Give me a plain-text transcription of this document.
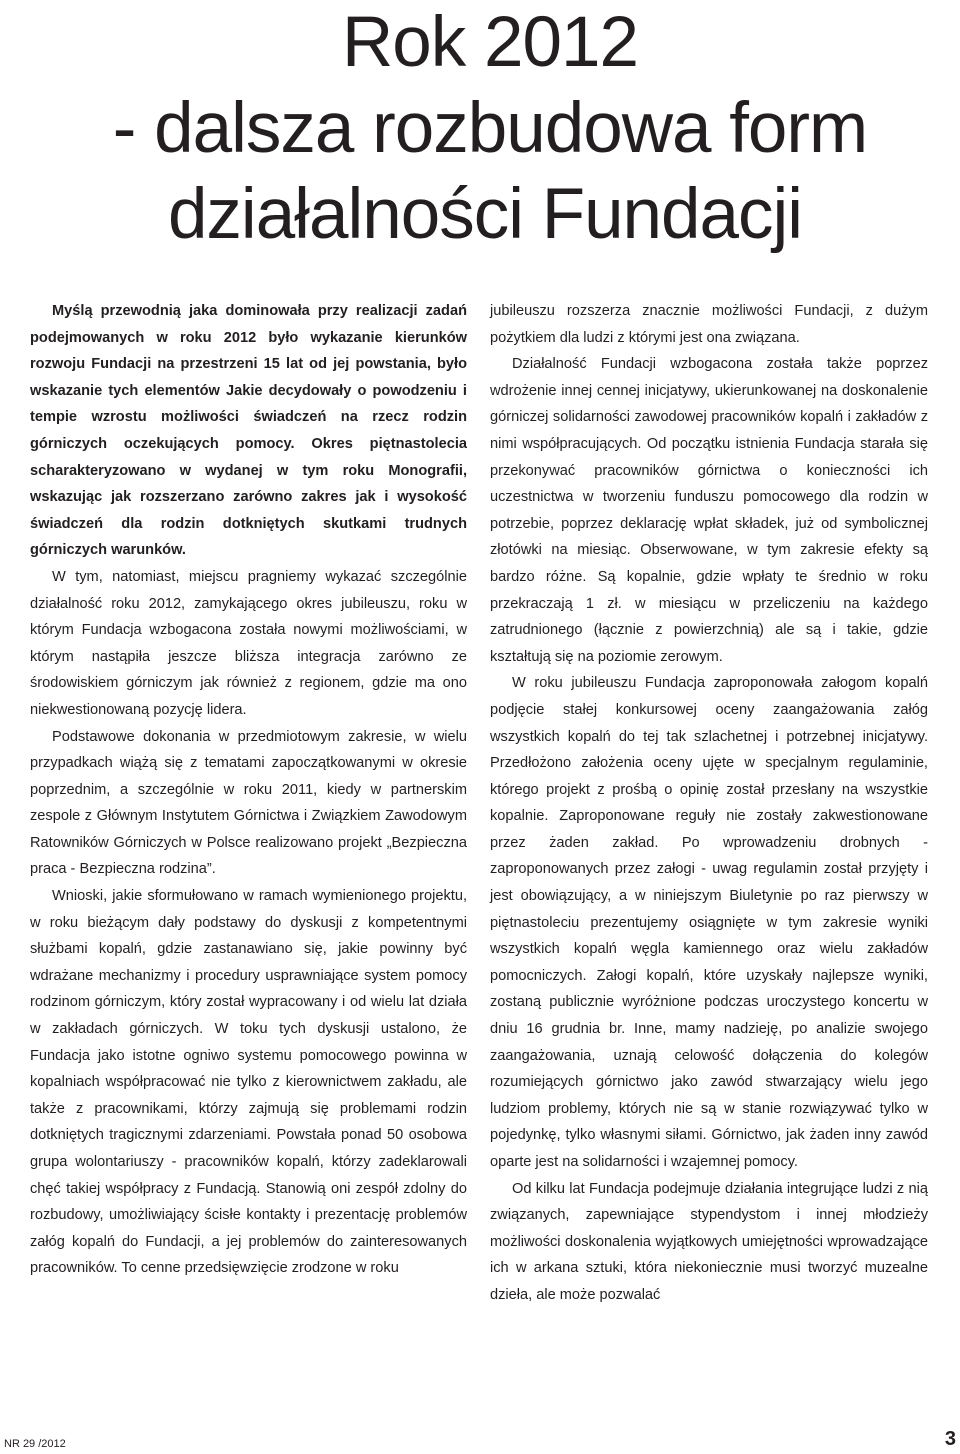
Rok 2012
- dalsza rozbudowa form
działalności Fundacji

Myślą przewodnią jaka dominowała przy realizacji zadań podejmowanych w roku 2012 było wykazanie kierunków rozwoju Fundacji na przestrzeni 15 lat od jej powstania, było wskazanie tych elementów Jakie decydowały o powodzeniu i tempie wzrostu możliwości świadczeń na rzecz rodzin górniczych oczekujących pomocy. Okres piętnastolecia scharakteryzowano w wydanej w tym roku Monografii, wskazując jak rozszerzano zarówno zakres jak i wysokość świadczeń dla rodzin dotkniętych skutkami trudnych górniczych warunków.

W tym, natomiast, miejscu pragniemy wykazać szczególnie działalność roku 2012, zamykającego okres jubileuszu, roku w którym Fundacja wzbogacona została nowymi możliwościami, w którym nastąpiła jeszcze bliższa integracja zarówno ze środowiskiem górniczym jak również z regionem, gdzie ma ono niekwestionowaną pozycję lidera.

Podstawowe dokonania w przedmiotowym zakresie, w wielu przypadkach wiążą się z tematami zapoczątkowanymi w okresie poprzednim, a szczególnie w roku 2011, kiedy w partnerskim zespole z Głównym Instytutem Górnictwa i Związkiem Zawodowym Ratowników Górniczych w Polsce realizowano projekt „Bezpieczna praca - Bezpieczna rodzina”.

Wnioski, jakie sformułowano w ramach wymienionego projektu, w roku bieżącym dały podstawy do dyskusji z kompetentnymi służbami kopalń, gdzie zastanawiano się, jakie powinny być wdrażane mechanizmy i procedury usprawniające system pomocy rodzinom górniczym, który został wypracowany i od wielu lat działa w zakładach górniczych. W toku tych dyskusji ustalono, że Fundacja jako istotne ogniwo systemu pomocowego powinna w kopalniach współpracować nie tylko z kierownictwem zakładu, ale także z pracownikami, którzy zajmują się problemami rodzin dotkniętych tragicznymi zdarzeniami. Powstała ponad 50 osobowa grupa wolontariuszy - pracowników kopalń, którzy zadeklarowali chęć takiej współpracy z Fundacją. Stanowią oni zespół zdolny do rozbudowy, umożliwiający ścisłe kontakty i prezentację problemów załóg kopalń do Fundacji, a jej problemów do zainteresowanych pracowników. To cenne przedsięwzięcie zrodzone w roku

jubileuszu rozszerza znacznie możliwości Fundacji, z dużym pożytkiem dla ludzi z którymi jest ona związana.

Działalność Fundacji wzbogacona została także poprzez wdrożenie innej cennej inicjatywy, ukierunkowanej na doskonalenie górniczej solidarności zawodowej pracowników kopalń i zakładów z nimi współpracujących. Od początku istnienia Fundacja starała się przekonywać pracowników górnictwa o konieczności ich uczestnictwa w tworzeniu funduszu pomocowego dla rodzin w potrzebie, poprzez deklarację wpłat składek, już od symbolicznej złotówki na miesiąc. Obserwowane, w tym zakresie efekty są bardzo różne. Są kopalnie, gdzie wpłaty te średnio w roku przekraczają 1 zł. w miesiącu w przeliczeniu na każdego zatrudnionego (łącznie z powierzchnią) ale są i takie, gdzie kształtują się na poziomie zerowym.

W roku jubileuszu Fundacja zaproponowała załogom kopalń podjęcie stałej konkursowej oceny zaangażowania załóg wszystkich kopalń do tej tak szlachetnej i potrzebnej inicjatywy. Przedłożono założenia oceny ujęte w specjalnym regulaminie, którego projekt z prośbą o opinię został przesłany na wszystkie kopalnie. Zaproponowane reguły nie zostały zakwestionowane przez żaden zakład. Po wprowadzeniu drobnych - zaproponowanych przez załogi - uwag regulamin został przyjęty i jest obowiązujący, a w niniejszym Biuletynie po raz pierwszy w piętnastoleciu prezentujemy osiągnięte w tym zakresie wyniki wszystkich kopalń węgla kamiennego oraz wielu zakładów pomocniczych. Załogi kopalń, które uzyskały najlepsze wyniki, zostaną publicznie wyróżnione podczas uroczystego koncertu w dniu 16 grudnia br. Inne, mamy nadzieję, po analizie swojego zaangażowania, uznają celowość dołączenia do kolegów rozumiejących górnictwo jako zawód stwarzający wielu jego ludziom problemy, których nie są w stanie rozwiązywać tylko w pojedynkę, tylko własnymi siłami. Górnictwo, jak żaden inny zawód oparte jest na solidarności i wzajemnej pomocy.

Od kilku lat Fundacja podejmuje działania integrujące ludzi z nią związanych, zapewniające stypendystom i innej młodzieży możliwości doskonalenia wyjątkowych umiejętności wprowadzające ich w arkana sztuki, która niekoniecznie musi tworzyć muzealne dzieła, ale może pozwalać

NR 29 /2012	3
